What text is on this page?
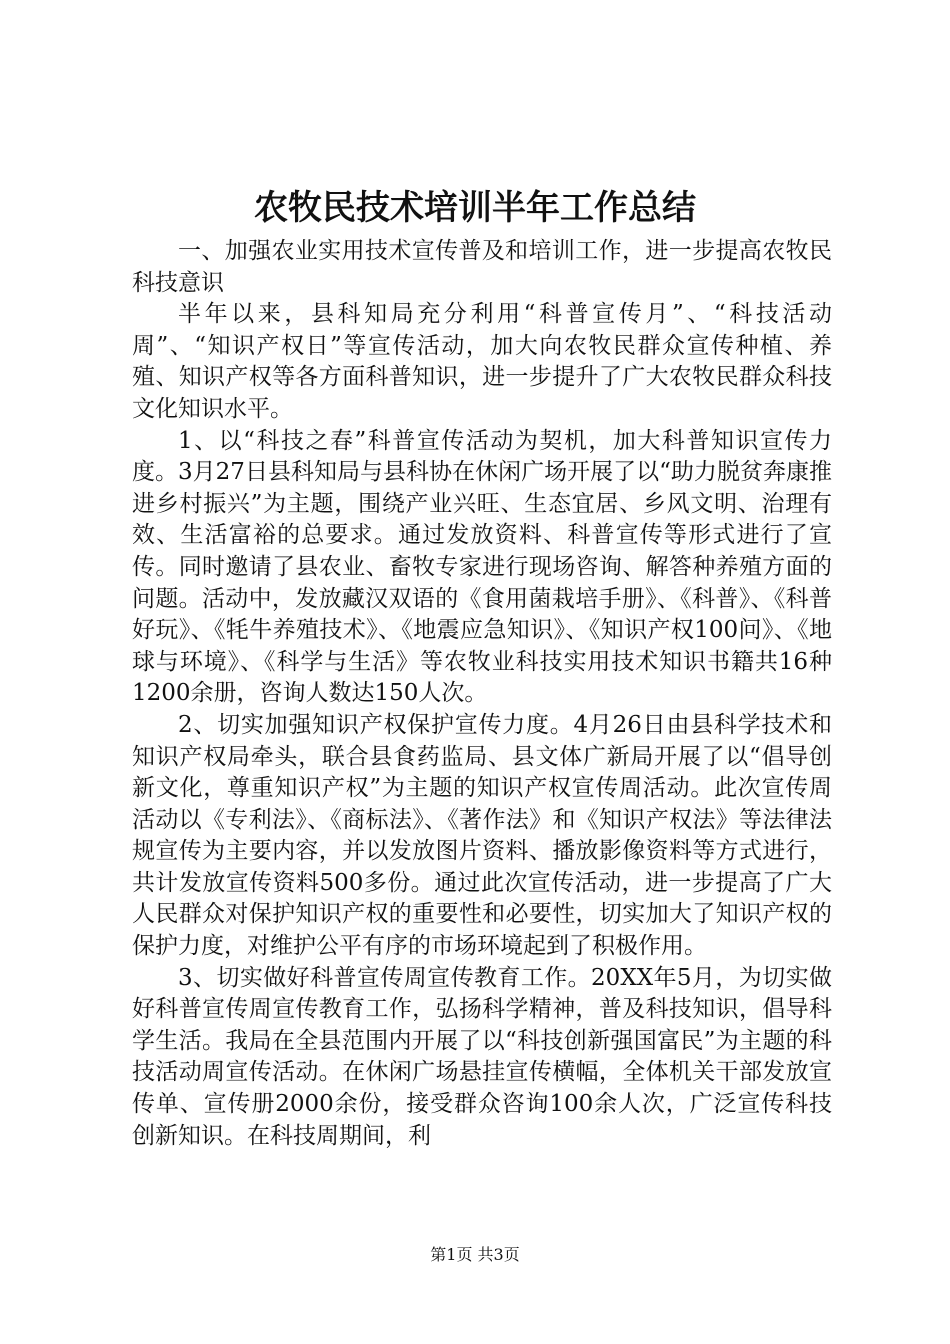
农牧民技术培训半年工作总结

一、加强农业实用技术宣传普及和培训工作，进一步提高农牧民科技意识

半年以来，县科知局充分利用“科普宣传月”、“科技活动周”、“知识产权日”等宣传活动，加大向农牧民群众宣传种植、养殖、知识产权等各方面科普知识，进一步提升了广大农牧民群众科技文化知识水平。

1、以“科技之春”科普宣传活动为契机，加大科普知识宣传力度。3月27日县科知局与县科协在休闲广场开展了以“助力脱贫奔康推进乡村振兴”为主题，围绕产业兴旺、生态宜居、乡风文明、治理有效、生活富裕的总要求。通过发放资料、科普宣传等形式进行了宣传。同时邀请了县农业、畜牧专家进行现场咨询、解答种养殖方面的问题。活动中，发放藏汉双语的《食用菌栽培手册》、《科普》、《科普好玩》、《牦牛养殖技术》、《地震应急知识》、《知识产权100问》、《地球与环境》、《科学与生活》等农牧业科技实用技术知识书籍共16种1200余册，咨询人数达150人次。

2、切实加强知识产权保护宣传力度。4月26日由县科学技术和知识产权局牵头，联合县食药监局、县文体广新局开展了以“倡导创新文化，尊重知识产权”为主题的知识产权宣传周活动。此次宣传周活动以《专利法》、《商标法》、《著作法》和《知识产权法》等法律法规宣传为主要内容，并以发放图片资料、播放影像资料等方式进行，共计发放宣传资料500多份。通过此次宣传活动，进一步提高了广大人民群众对保护知识产权的重要性和必要性，切实加大了知识产权的保护力度，对维护公平有序的市场环境起到了积极作用。

3、切实做好科普宣传周宣传教育工作。20XX年5月，为切实做好科普宣传周宣传教育工作，弘扬科学精神，普及科技知识，倡导科学生活。我局在全县范围内开展了以“科技创新强国富民”为主题的科技活动周宣传活动。在休闲广场悬挂宣传横幅，全体机关干部发放宣传单、宣传册2000余份，接受群众咨询100余人次，广泛宣传科技创新知识。在科技周期间，利

第1页 共3页
